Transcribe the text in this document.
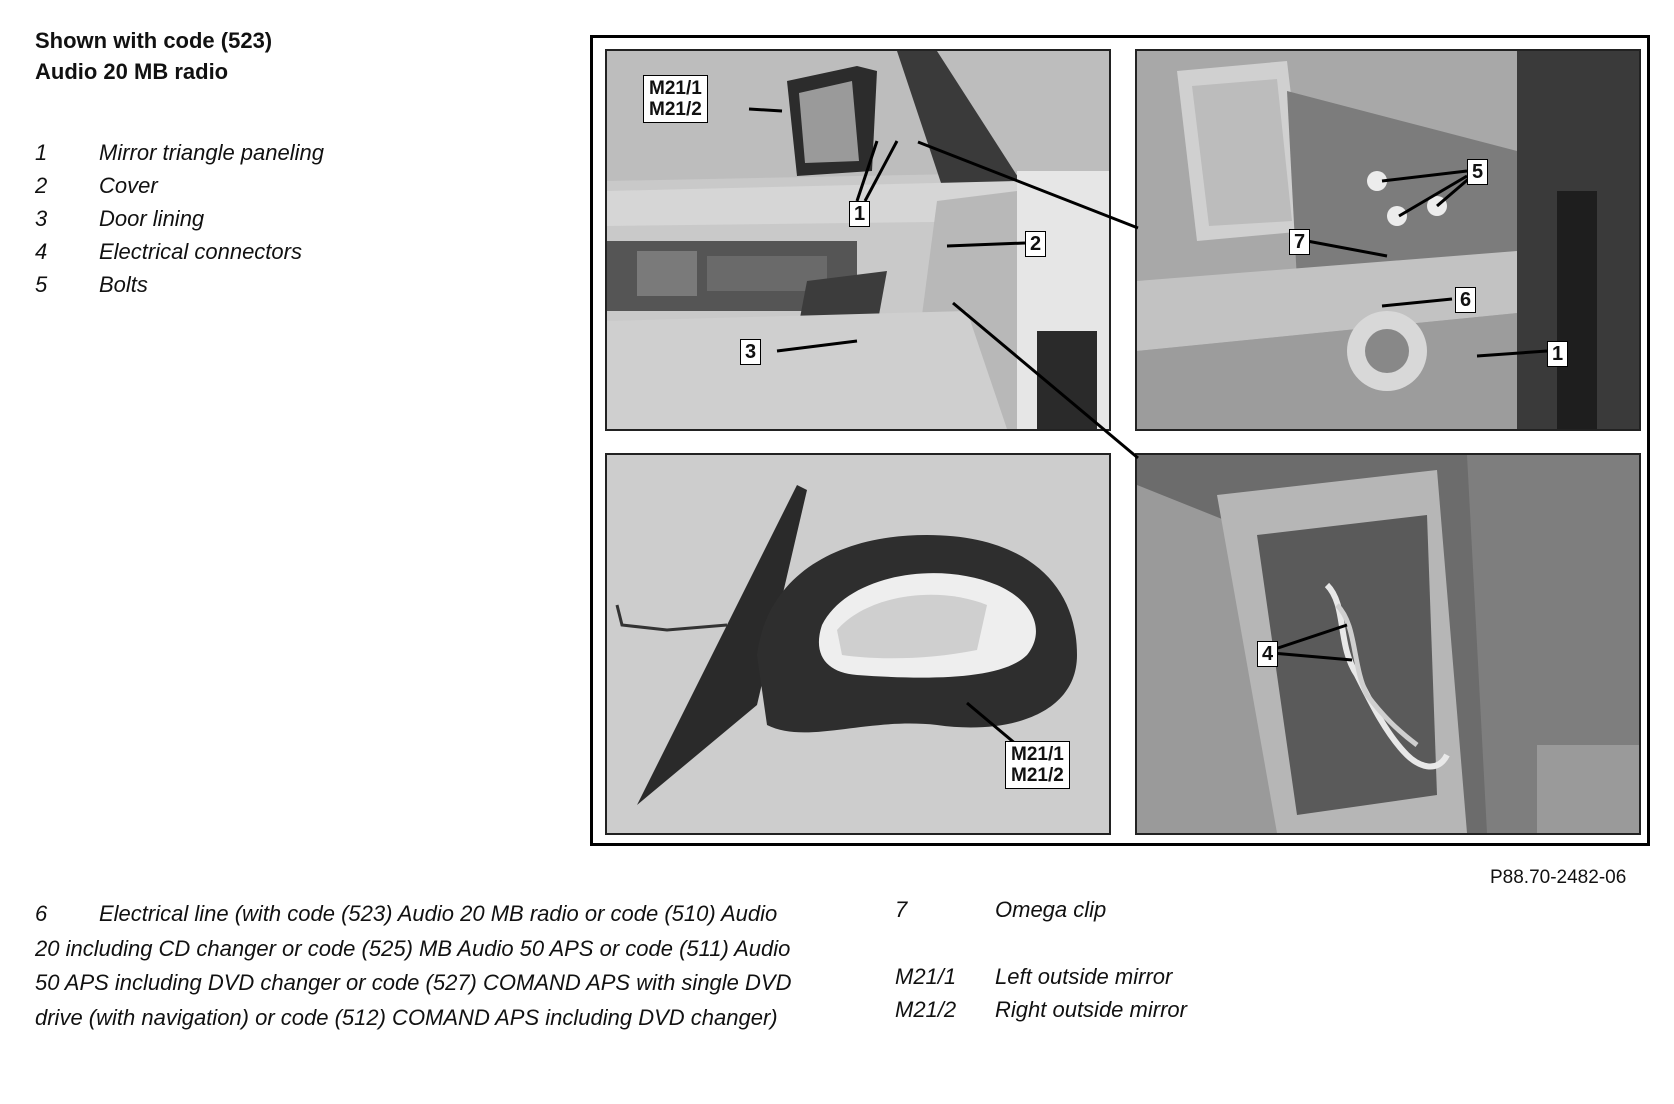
Shown with code (523)
Audio 20 MB radio
1 Mirror triangle paneling
2 Cover
3 Door lining
4 Electrical connectors
5 Bolts
M21/1
M21/2
1
2
3
5
7
6
1
M21/1
M21/2
4
P88.70-2482-06
6 Electrical line (with code (523) Audio 20 MB radio or code (510) Audio 20 including CD changer or code (525) MB Audio 50 APS or code (511) Audio 50 APS including DVD changer or code (527) COMAND APS with single DVD drive (with navigation) or code (512) COMAND APS including DVD changer)
7	Omega clip
M21/1 Left outside mirror
M21/2 Right outside mirror
